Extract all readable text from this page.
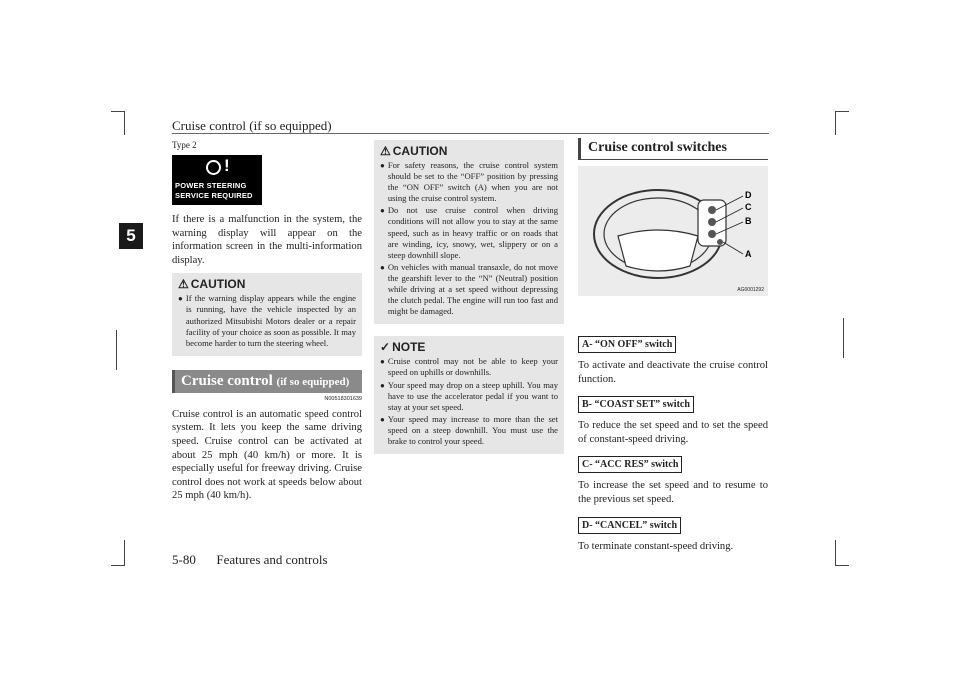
Cruise control (if so equipped)
5

Type 2

!
POWER STEERING
SERVICE REQUIRED

If there is a malfunction in the system, the warning display will appear on the information screen in the multi-information display.

⚠ CAUTION
● If the warning display appears while the engine is running, have the vehicle inspected by an authorized Mitsubishi Motors dealer or a repair facility of your choice as soon as possible. It may become harder to turn the steering wheel.
Cruise control (if so equipped)
N00518301639

Cruise control is an automatic speed control system. It lets you keep the same driving speed. Cruise control can be activated at about 25 mph (40 km/h) or more. It is especially useful for freeway driving. Cruise control does not work at speeds below about 25 mph (40 km/h).

⚠ CAUTION
● For safety reasons, the cruise control system should be set to the “OFF” position by pressing the “ON OFF” switch (A) when you are not using the cruise control system.
● Do not use cruise control when driving conditions will not allow you to stay at the same speed, such as in heavy traffic or on roads that are winding, icy, snowy, wet, slippery or on a steep downhill slope.
● On vehicles with manual transaxle, do not move the gearshift lever to the “N” (Neutral) position while driving at a set speed without depressing the clutch pedal. The engine will run too fast and might be damaged.
✓ NOTE
● Cruise control may not be able to keep your speed on uphills or downhills.
● Your speed may drop on a steep uphill. You may have to use the accelerator pedal if you want to stay at your set speed.
● Your speed may increase to more than the set speed on a steep downhill. You must use the brake to control your speed.
Cruise control switches
D
C
B
A
AG0001292
A- “ON OFF” switch

To activate and deactivate the cruise control function.

B- “COAST SET” switch

To reduce the set speed and to set the speed of constant-speed driving.

C- “ACC RES” switch

To increase the set speed and to resume to the previous set speed.

D- “CANCEL” switch

To terminate constant-speed driving.

5-80 Features and controls
